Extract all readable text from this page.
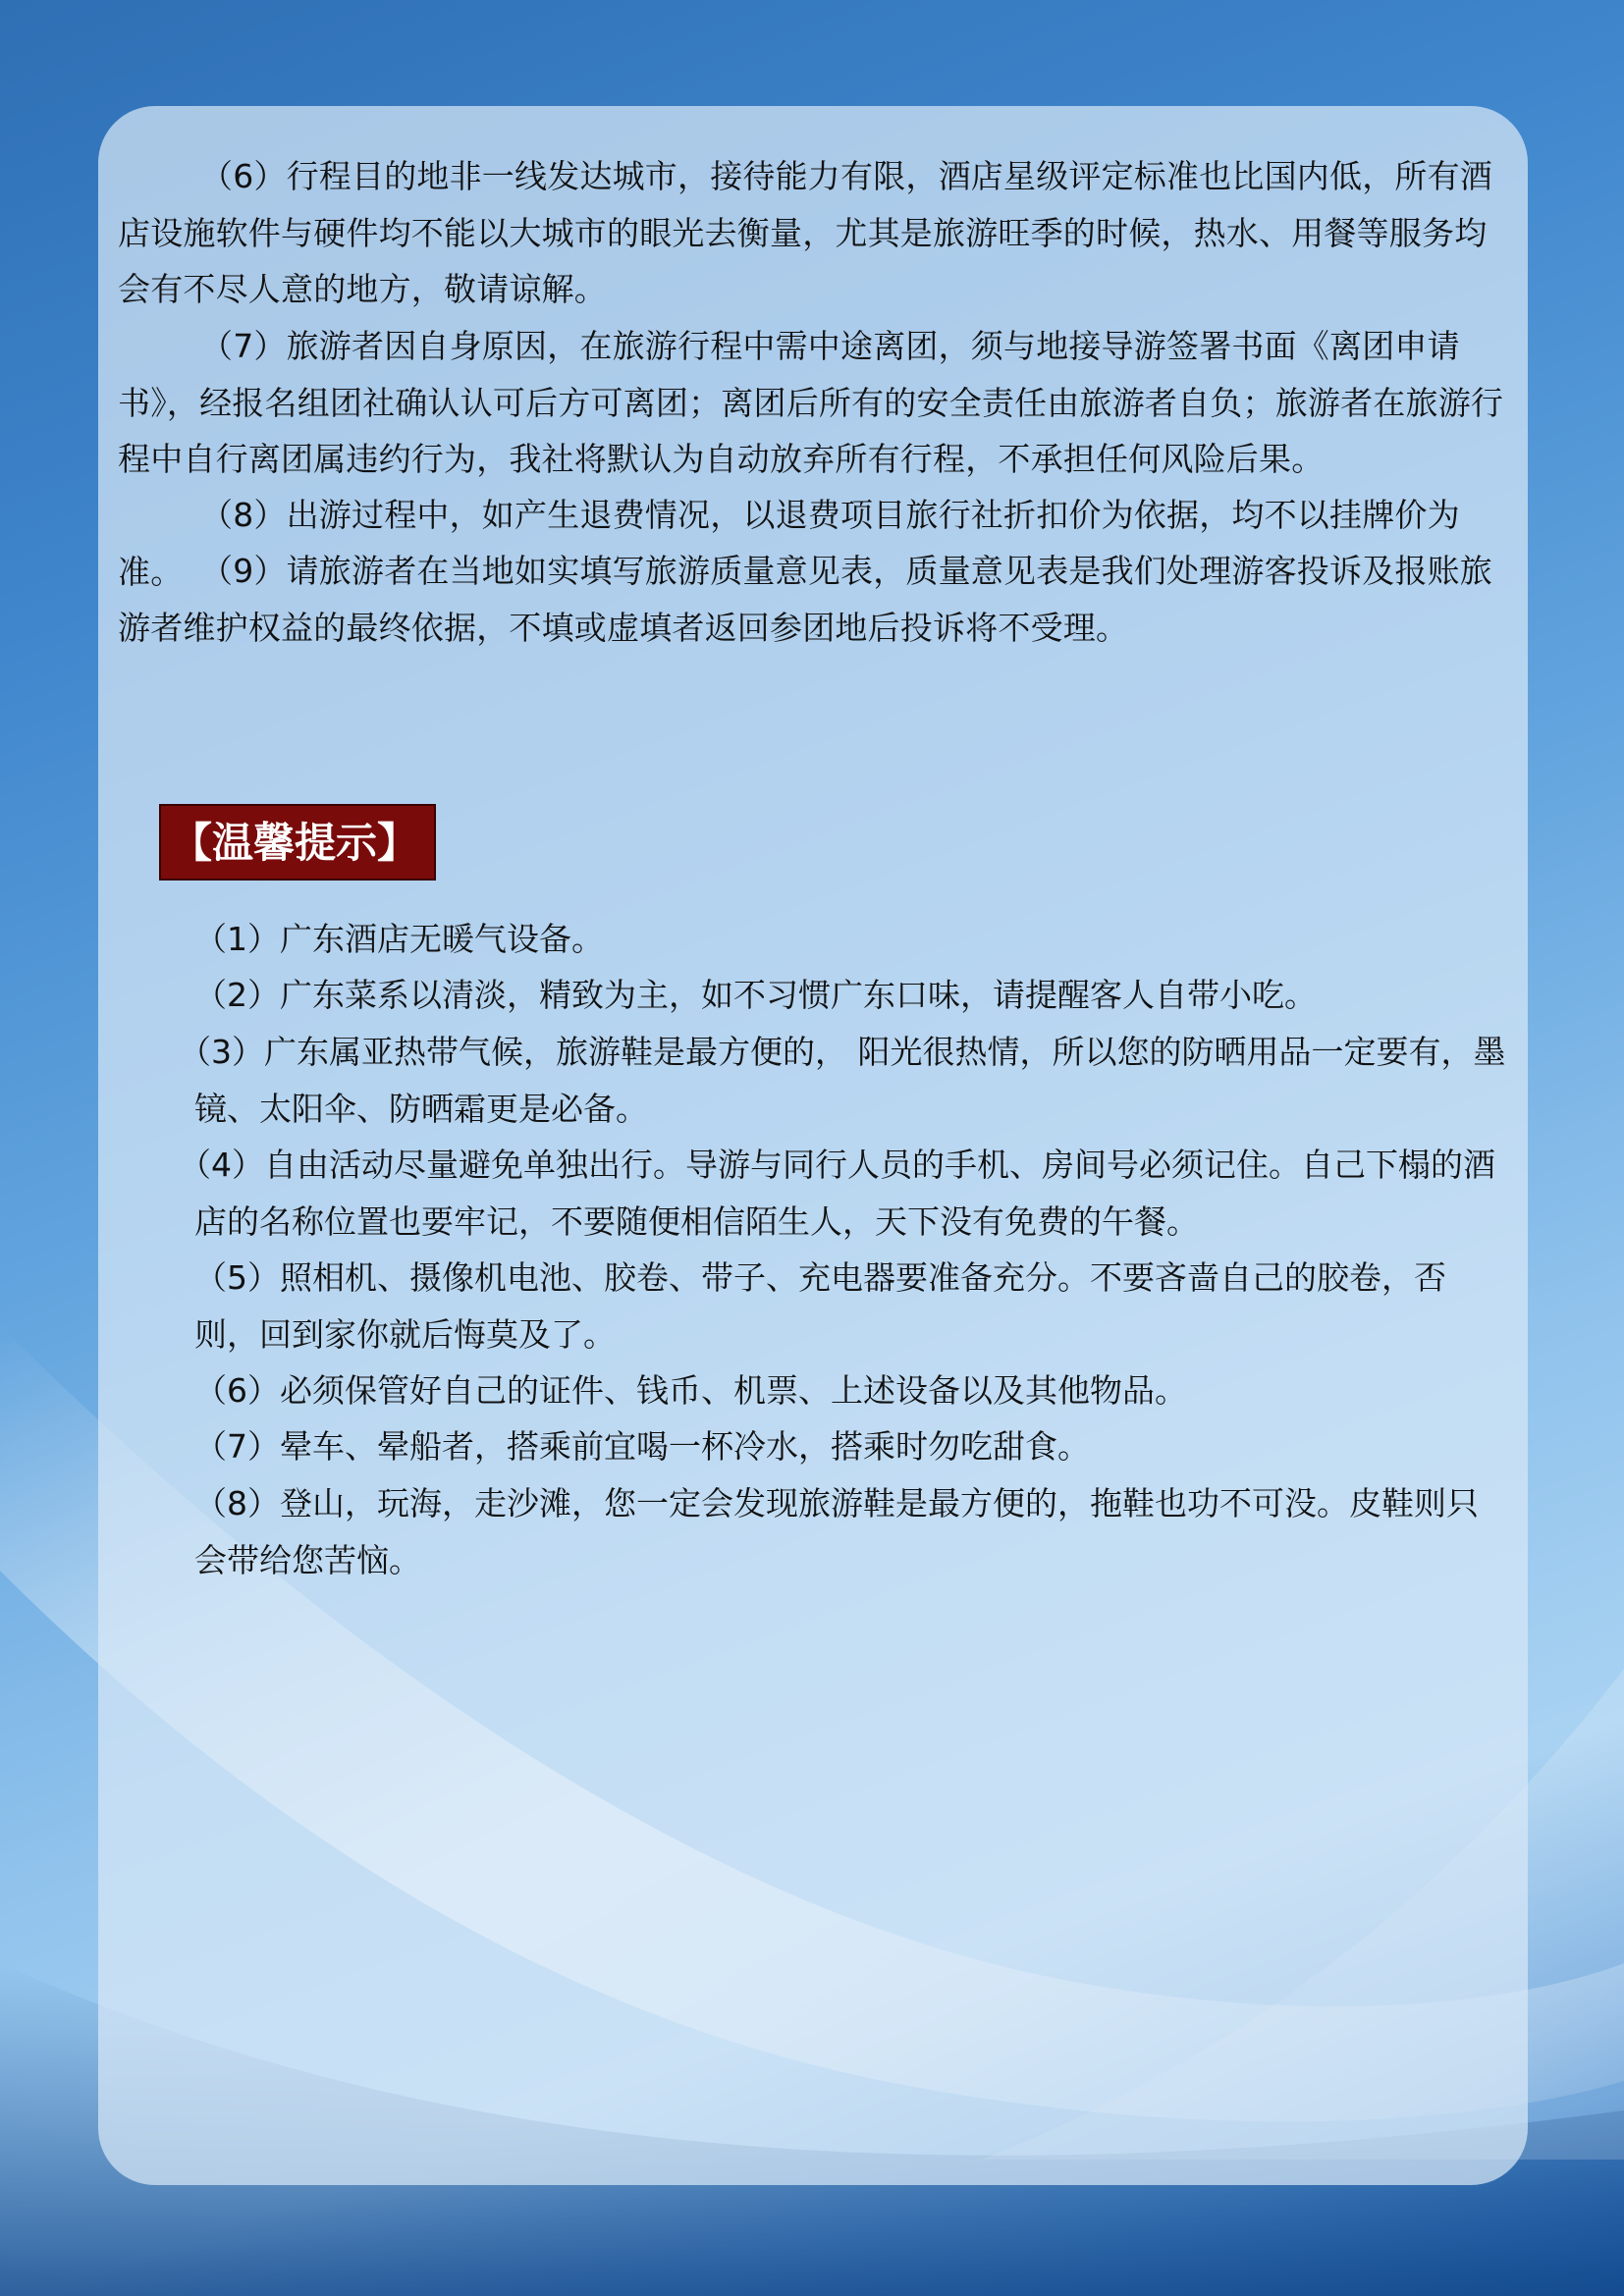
（6）行程目的地非一线发达城市，接待能力有限，酒店星级评定标准也比国内低，所有酒店设施软件与硬件均不能以大城市的眼光去衡量，尤其是旅游旺季的时候，热水、用餐等服务均会有不尽人意的地方，敬请谅解。

（7）旅游者因自身原因，在旅游行程中需中途离团，须与地接导游签署书面《离团申请书》，经报名组团社确认认可后方可离团；离团后所有的安全责任由旅游者自负；旅游者在旅游行程中自行离团属违约行为，我社将默认为自动放弃所有行程，不承担任何风险后果。

（8）出游过程中，如产生退费情况，以退费项目旅行社折扣价为依据，均不以挂牌价为准。 （9）请旅游者在当地如实填写旅游质量意见表，质量意见表是我们处理游客投诉及报账旅游者维护权益的最终依据，不填或虚填者返回参团地后投诉将不受理。

【温馨提示】

（1）广东酒店无暖气设备。

（2）广东菜系以清淡，精致为主，如不习惯广东口味，请提醒客人自带小吃。

（3）广东属亚热带气候，旅游鞋是最方便的， 阳光很热情，所以您的防晒用品一定要有，墨镜、太阳伞、防晒霜更是必备。

（4）自由活动尽量避免单独出行。导游与同行人员的手机、房间号必须记住。自己下榻的酒店的名称位置也要牢记，不要随便相信陌生人，天下没有免费的午餐。

（5）照相机、摄像机电池、胶卷、带子、充电器要准备充分。不要吝啬自己的胶卷，否则，回到家你就后悔莫及了。

（6）必须保管好自己的证件、钱币、机票、上述设备以及其他物品。

（7）晕车、晕船者，搭乘前宜喝一杯冷水，搭乘时勿吃甜食。

（8）登山，玩海，走沙滩，您一定会发现旅游鞋是最方便的，拖鞋也功不可没。皮鞋则只会带给您苦恼。
